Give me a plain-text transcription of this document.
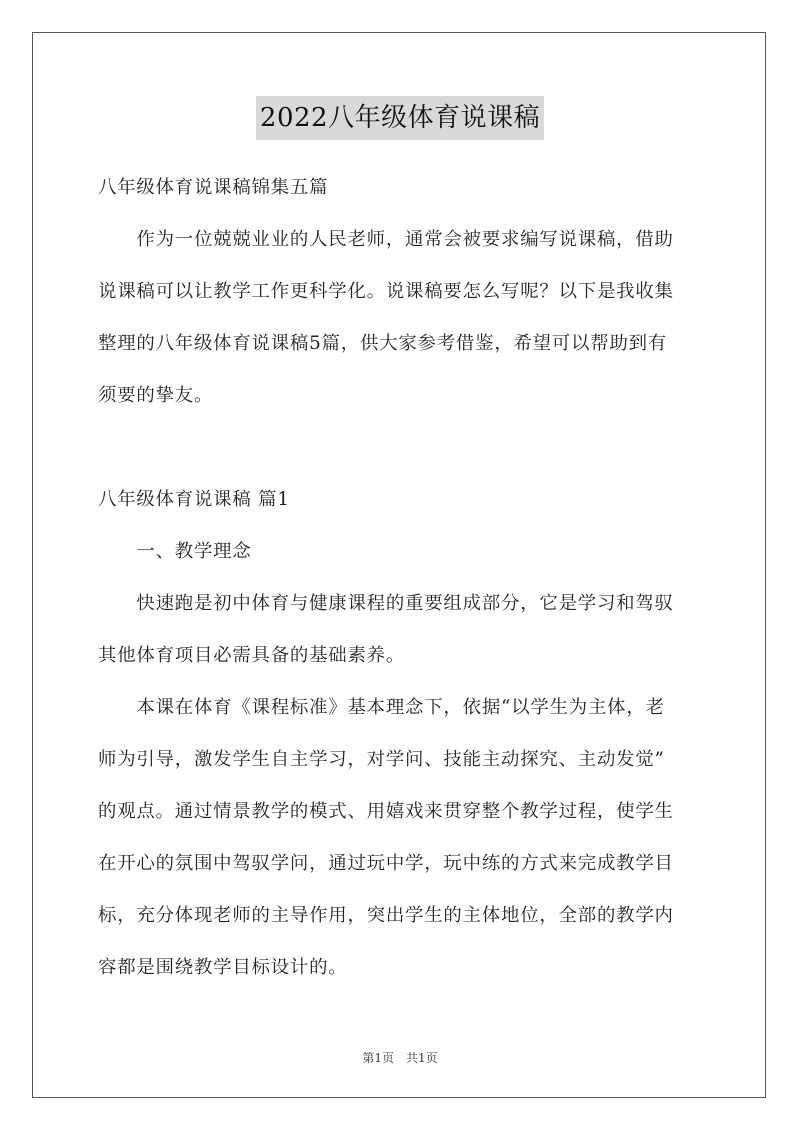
2022八年级体育说课稿
八年级体育说课稿锦集五篇
　　作为一位兢兢业业的人民老师，通常会被要求编写说课稿，借助
说课稿可以让教学工作更科学化。说课稿要怎么写呢？以下是我收集
整理的八年级体育说课稿5篇，供大家参考借鉴，希望可以帮助到有
须要的挚友。
八年级体育说课稿 篇1
　　一、教学理念
　　快速跑是初中体育与健康课程的重要组成部分，它是学习和驾驭
其他体育项目必需具备的基础素养。
　　本课在体育《课程标准》基本理念下，依据“以学生为主体，老
师为引导，激发学生自主学习，对学问、技能主动探究、主动发觉”
的观点。通过情景教学的模式、用嬉戏来贯穿整个教学过程，使学生
在开心的氛围中驾驭学问，通过玩中学，玩中练的方式来完成教学目
标，充分体现老师的主导作用，突出学生的主体地位，全部的教学内
容都是围绕教学目标设计的。
第1页 共1页
